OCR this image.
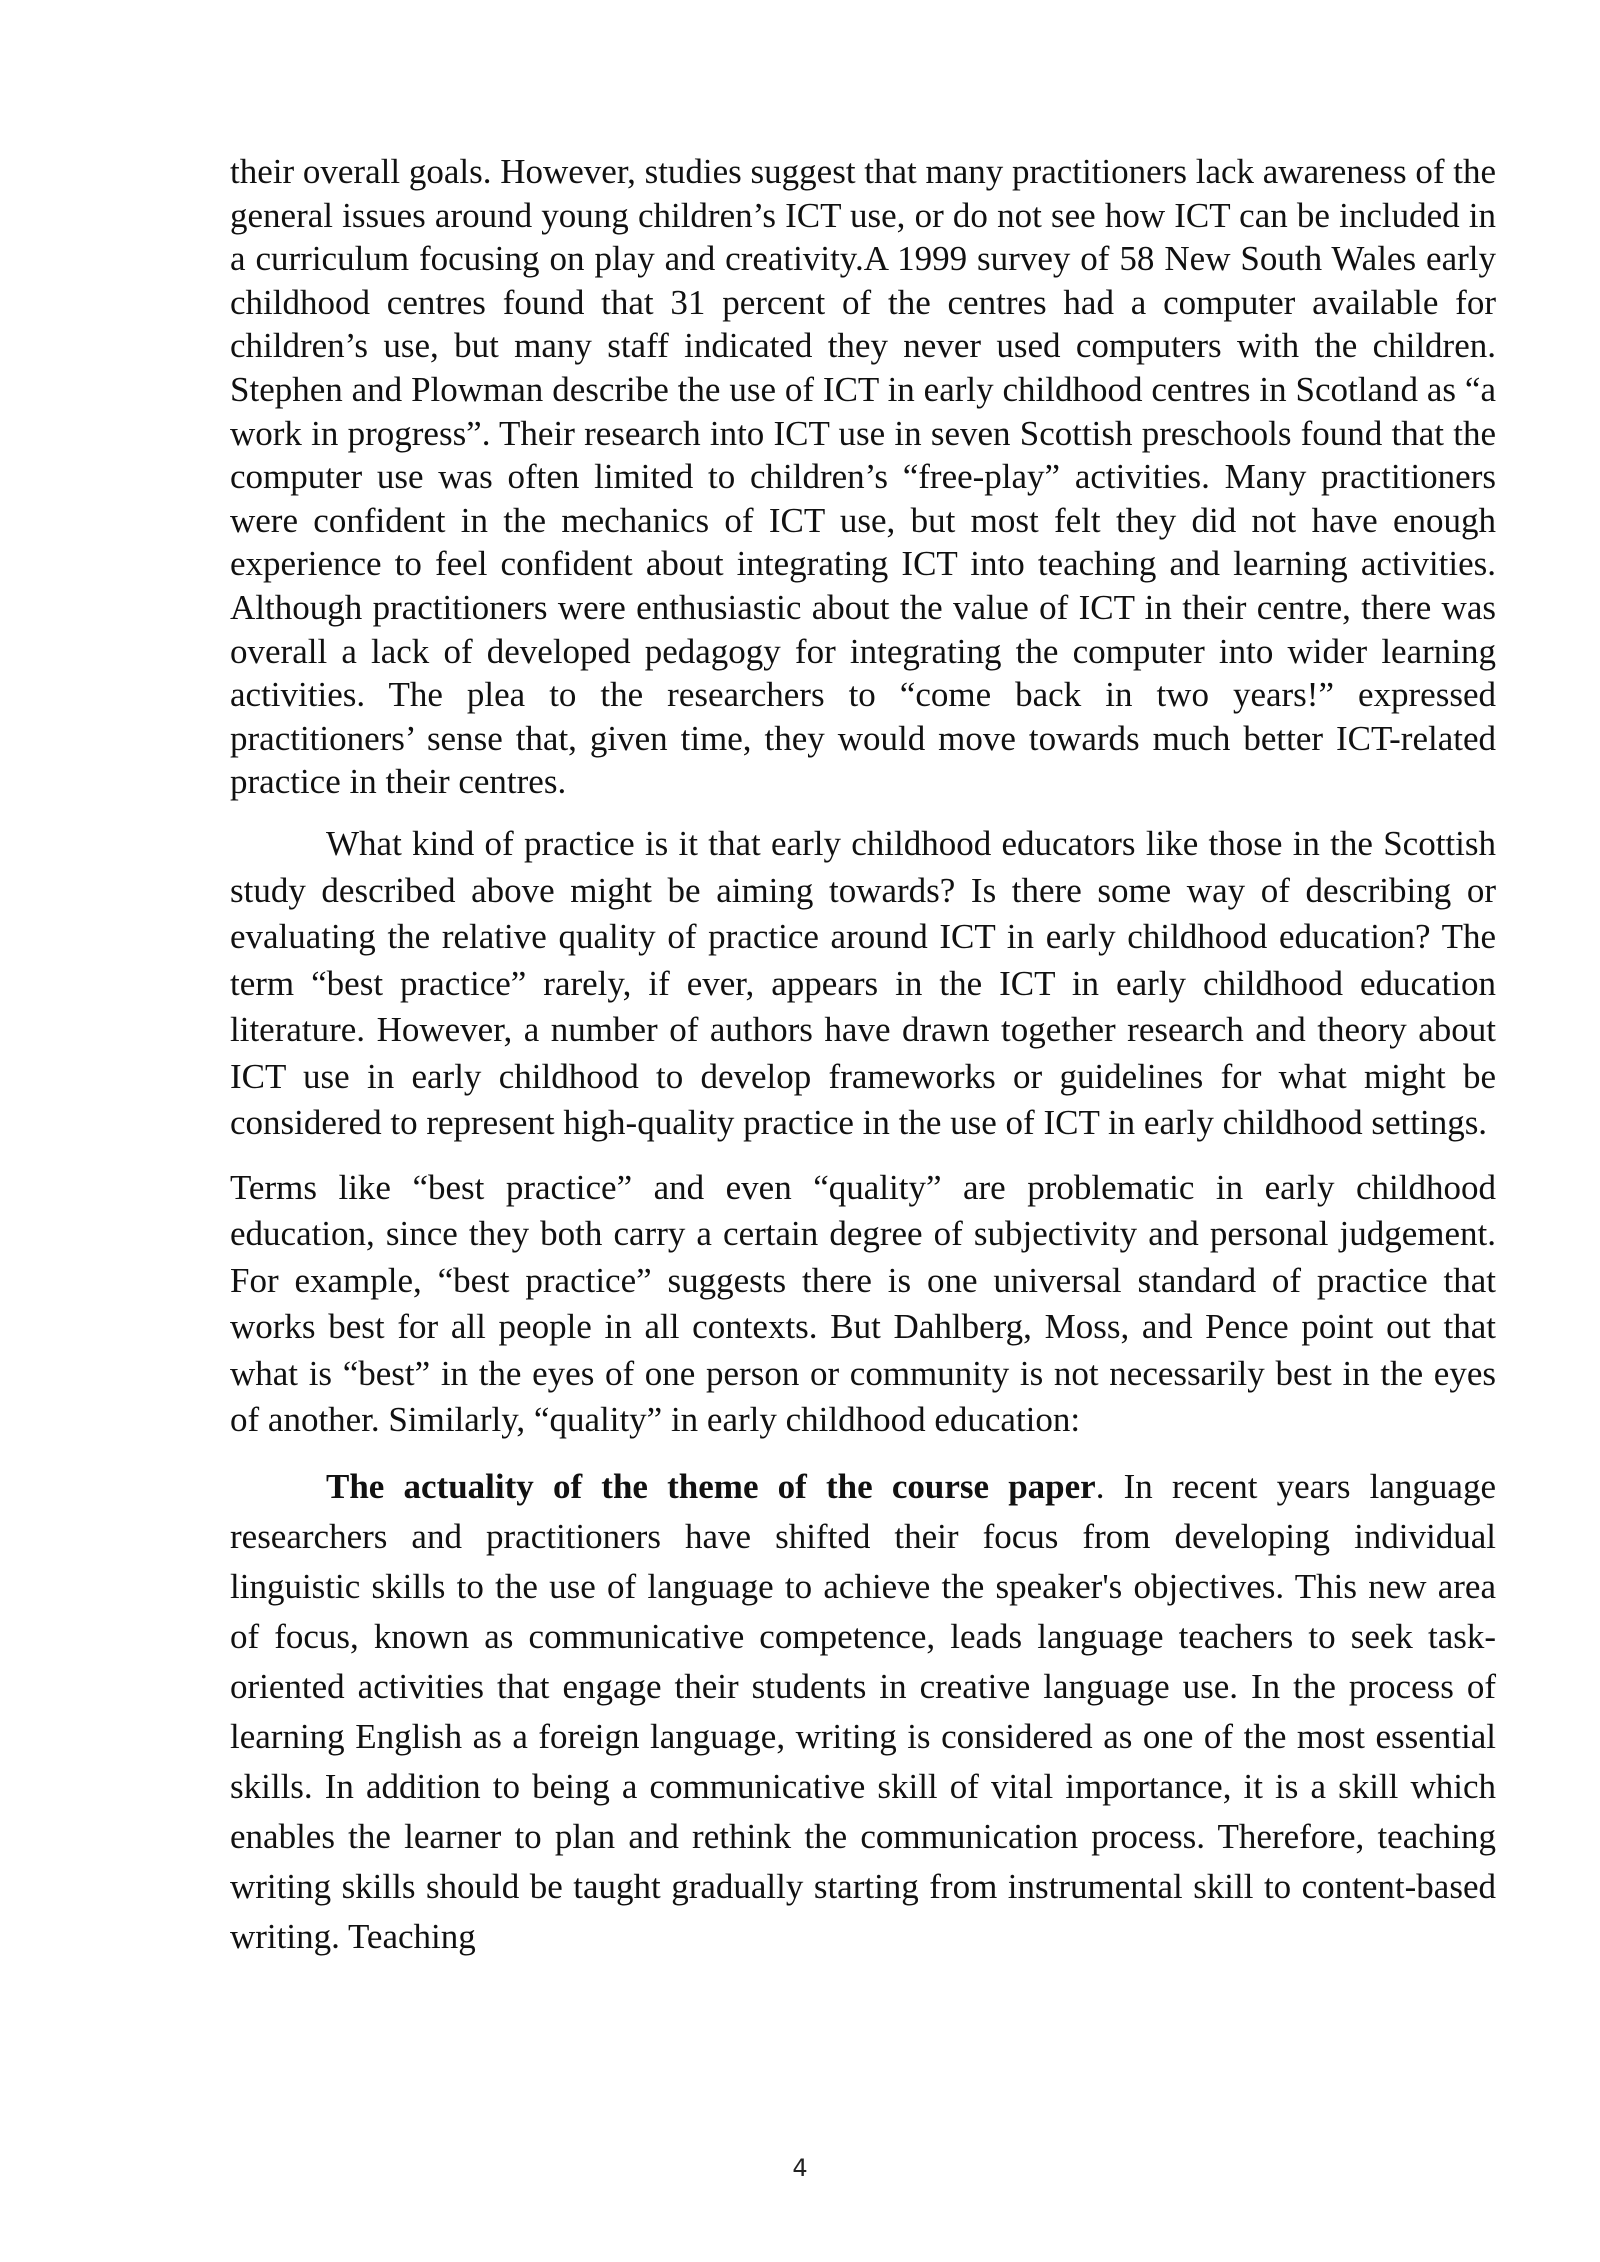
their overall goals. However, studies suggest that many practitioners lack awareness of the general issues around young children’s ICT use, or do not see how ICT can be included in a curriculum focusing on play and creativity.A 1999 survey of 58 New South Wales early childhood centres found that 31 percent of the centres had a computer available for children’s use, but many staff indicated they never used computers with the children. Stephen and Plowman describe the use of ICT in early childhood centres in Scotland as “a work in progress”. Their research into ICT use in seven Scottish preschools found that the computer use was often limited to children’s “free-play” activities. Many practitioners were confident in the mechanics of ICT use, but most felt they did not have enough experience to feel confident about integrating ICT into teaching and learning activities. Although practitioners were enthusiastic about the value of ICT in their centre, there was overall a lack of developed pedagogy for integrating the computer into wider learning activities. The plea to the researchers to “come back in two years!” expressed practitioners’ sense that, given time, they would move towards much better ICT-related practice in their centres.

What kind of practice is it that early childhood educators like those in the Scottish study described above might be aiming towards? Is there some way of describing or evaluating the relative quality of practice around ICT in early childhood education? The term “best practice” rarely, if ever, appears in the ICT in early childhood education literature. However, a number of authors have drawn together research and theory about ICT use in early childhood to develop frameworks or guidelines for what might be considered to represent high-quality practice in the use of ICT in early childhood settings.

Terms like “best practice” and even “quality” are problematic in early childhood education, since they both carry a certain degree of subjectivity and personal judgement. For example, “best practice” suggests there is one universal standard of practice that works best for all people in all contexts. But Dahlberg, Moss, and Pence point out that what is “best” in the eyes of one person or community is not necessarily best in the eyes of another. Similarly, “quality” in early childhood education:

The actuality of the theme of the course paper. In recent years language researchers and practitioners have shifted their focus from developing individual linguistic skills to the use of language to achieve the speaker's objectives. This new area of focus, known as communicative competence, leads language teachers to seek task-oriented activities that engage their students in creative language use. In the process of learning English as a foreign language, writing is considered as one of the most essential skills. In addition to being a communicative skill of vital importance, it is a skill which enables the learner to plan and rethink the communication process. Therefore, teaching writing skills should be taught gradually starting from instrumental skill to content-based writing. Teaching

4
